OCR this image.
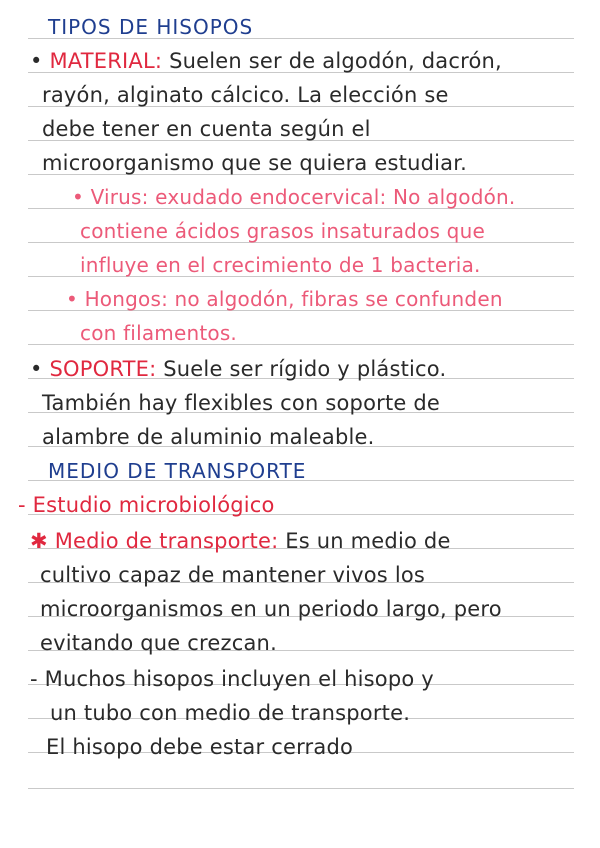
TIPOS DE HISOPOS
• MATERIAL: Suelen ser de algodón, dacrón,
rayón, alginato cálcico. La elección se
debe tener en cuenta según el
microorganismo que se quiera estudiar.
• Virus: exudado endocervical: No algodón.
contiene ácidos grasos insaturados que
influye en el crecimiento de 1 bacteria.
• Hongos: no algodón, fibras se confunden
con filamentos.
• SOPORTE: Suele ser rígido y plástico.
También hay flexibles con soporte de
alambre de aluminio maleable.
MEDIO DE TRANSPORTE
- Estudio microbiológico
✱ Medio de transporte: Es un medio de
cultivo capaz de mantener vivos los
microorganismos en un periodo largo, pero
evitando que crezcan.
- Muchos hisopos incluyen el hisopo y
un tubo con medio de transporte.
El hisopo debe estar cerrado
